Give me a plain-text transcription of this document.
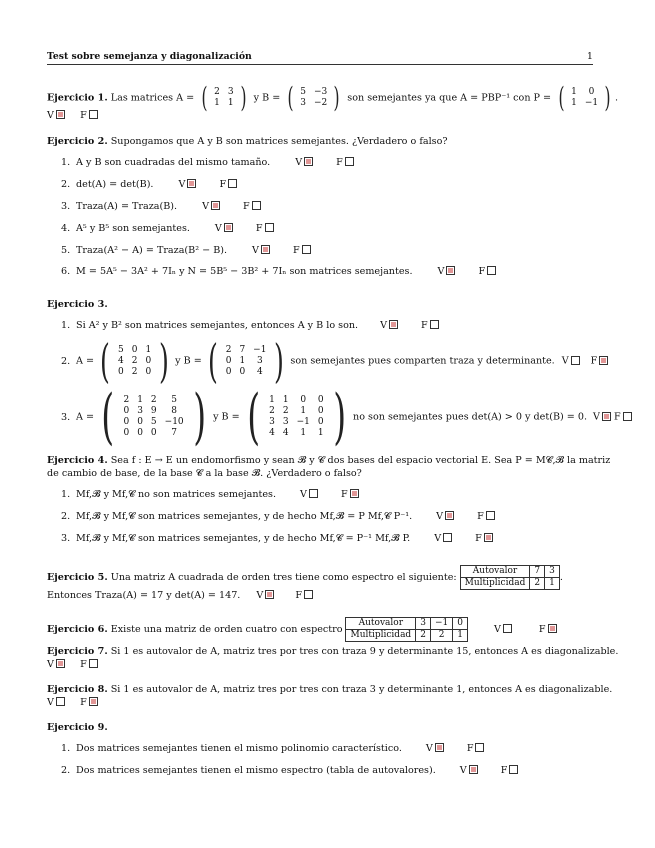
Test sobre semejanza y diagonalización	1
Ejercicio 1. Las matrices A = ( 2	3
1	1 ) y B = ( 5	−3
3	−2 ) son semejantes ya que A = PBP⁻¹ con P = ( 1	0
1	−1 ) .
V	F
Ejercicio 2. Supongamos que A y B son matrices semejantes. ¿Verdadero o falso?
1. A y B son cuadradas del mismo tamaño.	V	F
2. det(A) = det(B).	V	F
3. Traza(A) = Traza(B).	V	F
4. A⁵ y B⁵ son semejantes.	V	F
5. Traza(A² − A) = Traza(B² − B).	V	F
6. M = 5A⁵ − 3A² + 7Iₙ y N = 5B⁵ − 3B² + 7Iₙ son matrices semejantes.	V	F
Ejercicio 3.
1. Si A² y B² son matrices semejantes, entonces A y B lo son. V	F
2. A = ( 5	0	1
4	2	0
0	2	0 ) y B = ( 2	7	−1
0	1	3
0	0	4 ) son semejantes pues comparten traza y determinante. V F
3. A = ( 2	1	2	5
0	3	9	8
0	0	5	−10
0	0	0	7 ) y B = ( 1	1	0	0
2	2	1	0
3	3	−1	0
4	4	1	1 ) no son semejantes pues det(A) > 0 y det(B) = 0. V F
Ejercicio 4. Sea f : E → E un endomorfismo y sean 𝓑 y 𝓒 dos bases del espacio vectorial E. Sea P = M𝓒,𝓑 la matriz
de cambio de base, de la base 𝓒 a la base 𝓑. ¿Verdadero o falso?
1. Mf,𝓑 y Mf,𝓒 no son matrices semejantes.	V	F
2. Mf,𝓑 y Mf,𝓒 son matrices semejantes, y de hecho Mf,𝓑 = P Mf,𝓒 P⁻¹.	V	F
3. Mf,𝓑 y Mf,𝓒 son matrices semejantes, y de hecho Mf,𝓒 = P⁻¹ Mf,𝓑 P.	V	F
Ejercicio 5. Una matriz A cuadrada de orden tres tiene como espectro el siguiente:Autovalor	7	3
Multiplicidad	2	1 .
Entonces Traza(A) = 17 y det(A) = 147. V	F
Ejercicio 6. Existe una matriz de orden cuatro con espectroAutovalor	3	−1	0
Multiplicidad	2	2	1	V	F
Ejercicio 7. Si 1 es autovalor de A, matriz tres por tres con traza 9 y determinante 15, entonces A es diagonalizable.
V	F
Ejercicio 8. Si 1 es autovalor de A, matriz tres por tres con traza 3 y determinante 1, entonces A es diagonalizable.
V	F
Ejercicio 9.
1. Dos matrices semejantes tienen el mismo polinomio característico.	V	F
2. Dos matrices semejantes tienen el mismo espectro (tabla de autovalores).	V	F
